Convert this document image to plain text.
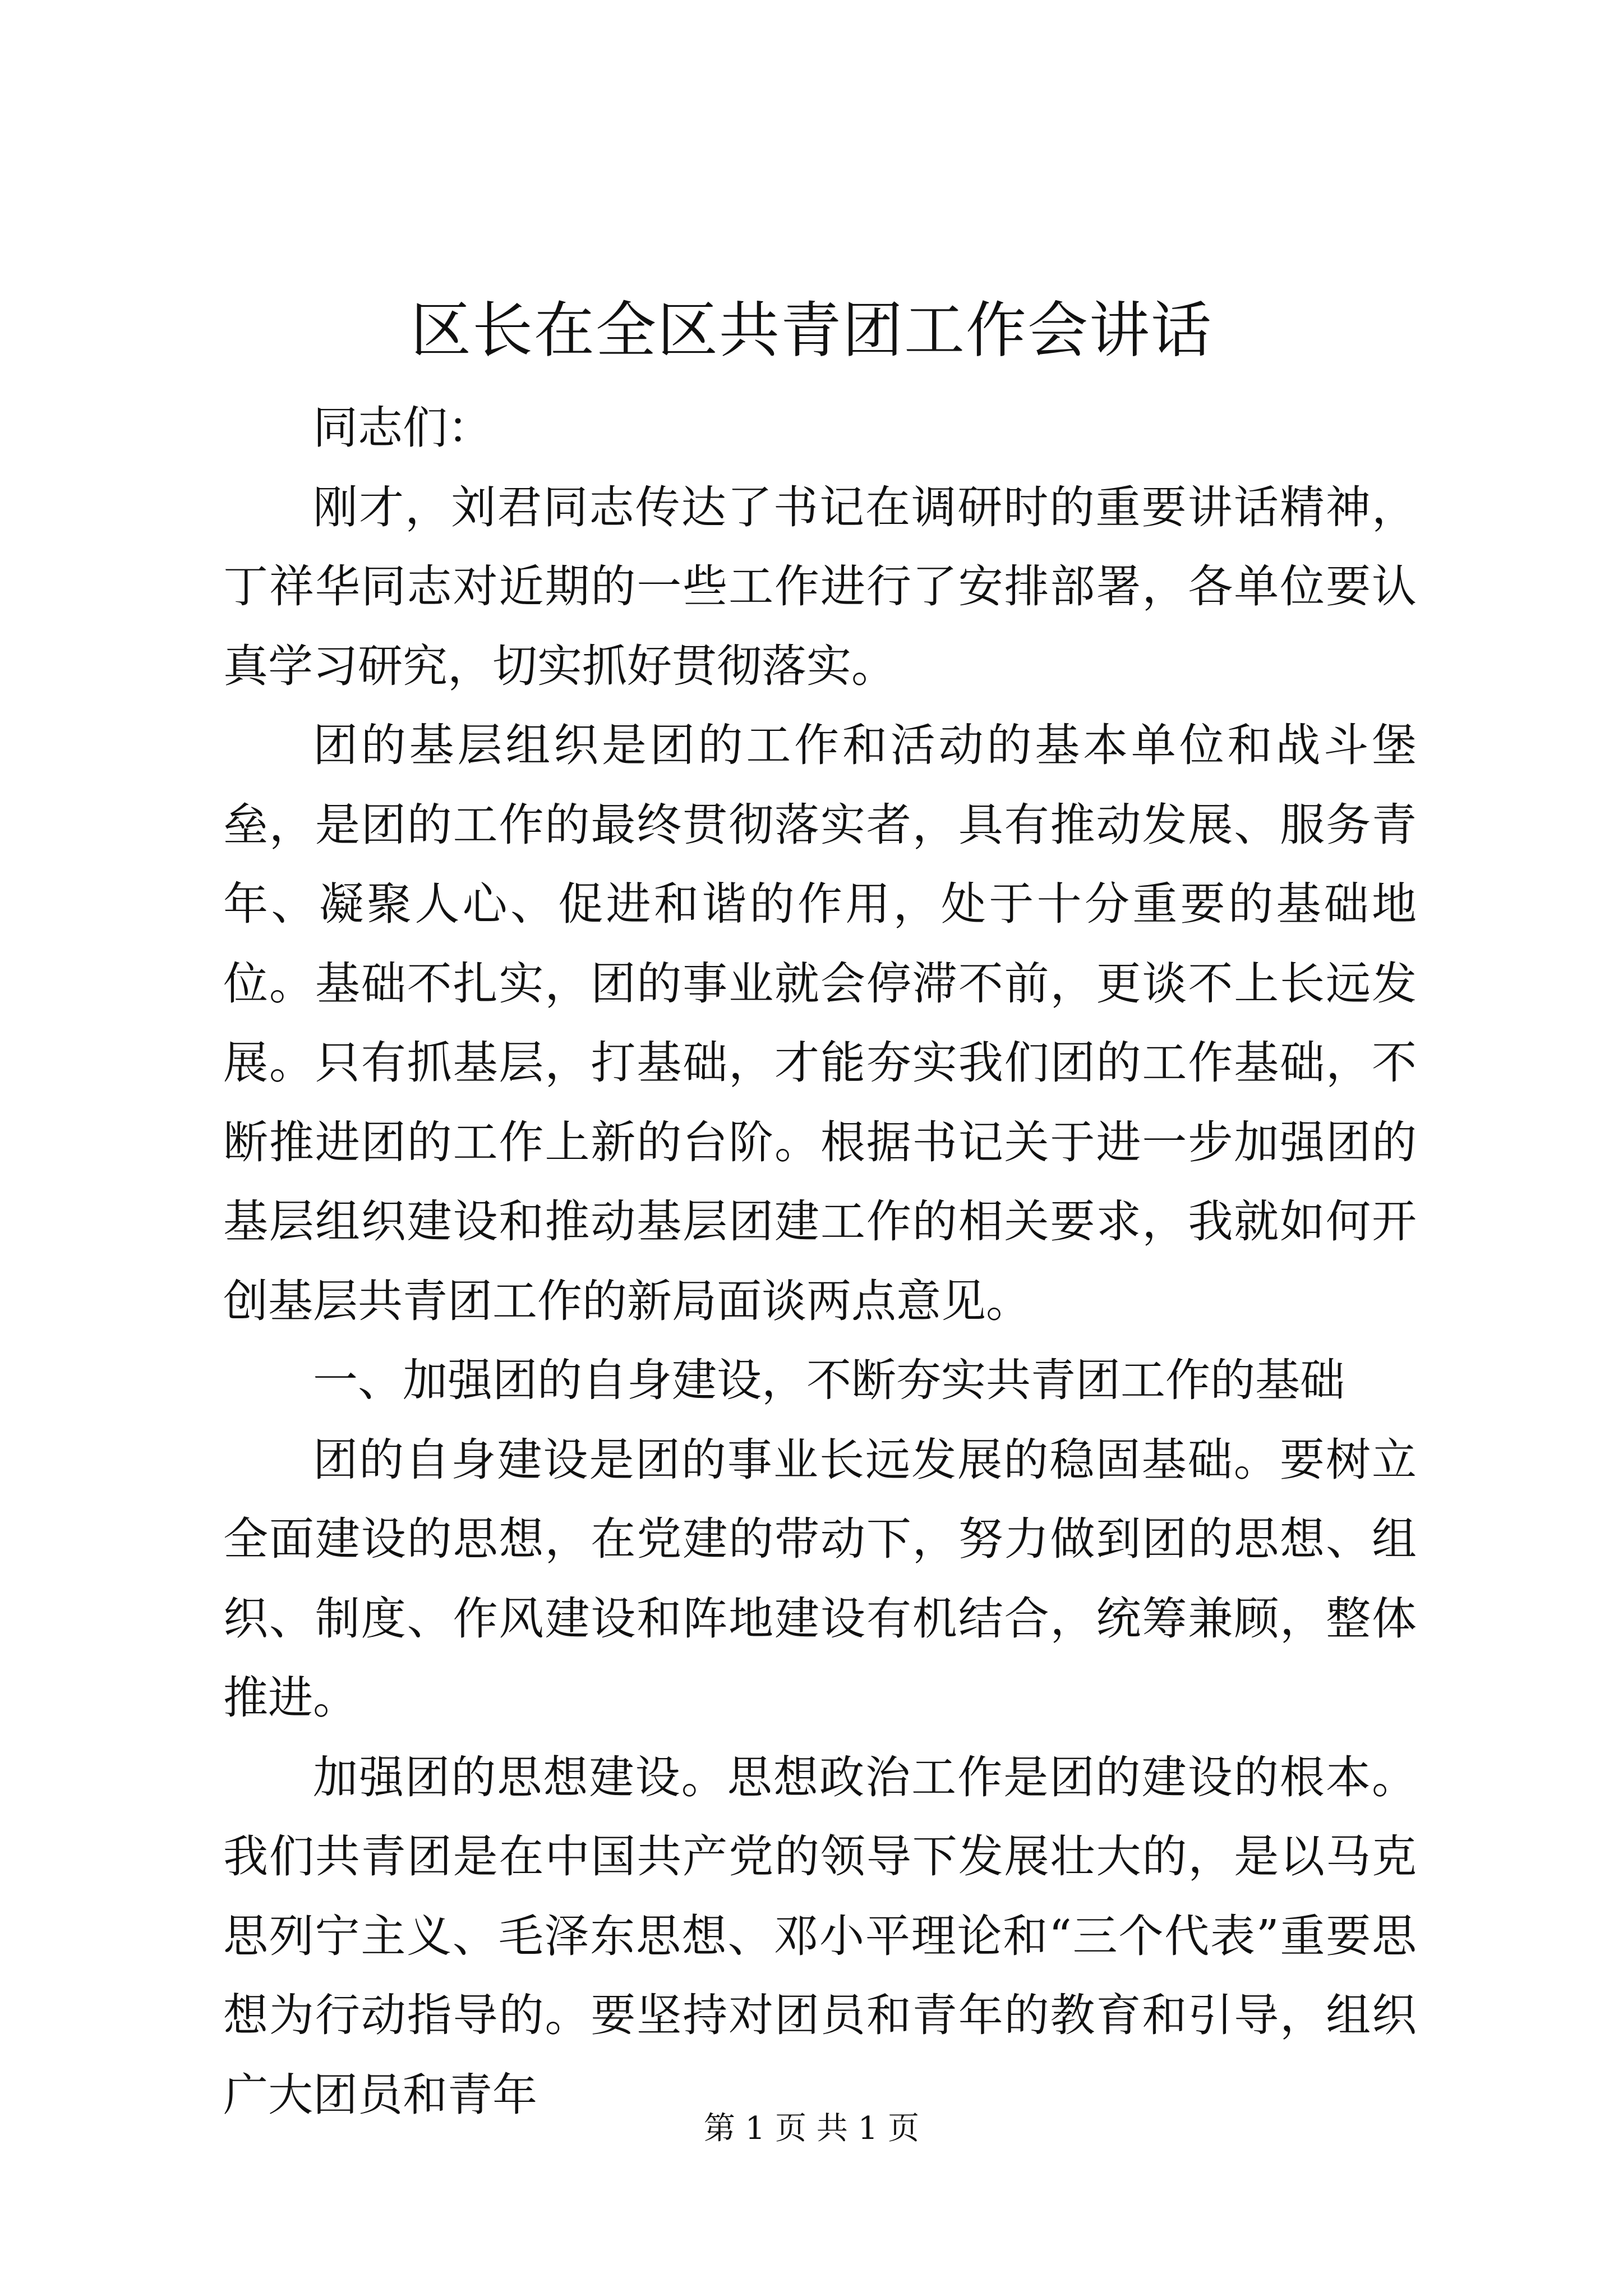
区长在全区共青团工作会讲话

同志们：

刚才，刘君同志传达了书记在调研时的重要讲话精神，丁祥华同志对近期的一些工作进行了安排部署，各单位要认真学习研究，切实抓好贯彻落实。

团的基层组织是团的工作和活动的基本单位和战斗堡垒，是团的工作的最终贯彻落实者，具有推动发展、服务青年、凝聚人心、促进和谐的作用，处于十分重要的基础地位。基础不扎实，团的事业就会停滞不前，更谈不上长远发展。只有抓基层，打基础，才能夯实我们团的工作基础，不断推进团的工作上新的台阶。根据书记关于进一步加强团的基层组织建设和推动基层团建工作的相关要求，我就如何开创基层共青团工作的新局面谈两点意见。

一、加强团的自身建设，不断夯实共青团工作的基础

团的自身建设是团的事业长远发展的稳固基础。要树立全面建设的思想，在党建的带动下，努力做到团的思想、组织、制度、作风建设和阵地建设有机结合，统筹兼顾，整体推进。

加强团的思想建设。思想政治工作是团的建设的根本。我们共青团是在中国共产党的领导下发展壮大的，是以马克思列宁主义、毛泽东思想、邓小平理论和“三个代表”重要思想为行动指导的。要坚持对团员和青年的教育和引导，组织广大团员和青年

第 1 页 共 1 页
